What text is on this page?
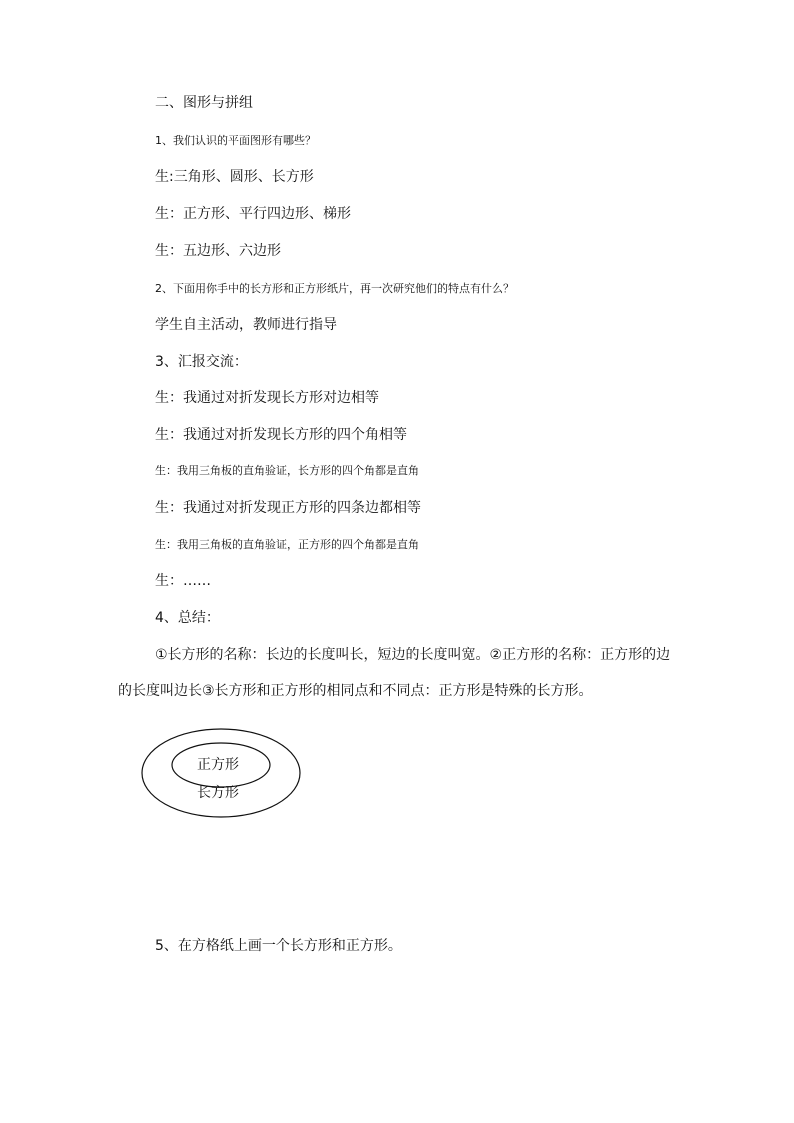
二、图形与拼组
1、我们认识的平面图形有哪些？
生:三角形、圆形、长方形
生：正方形、平行四边形、梯形
生：五边形、六边形
2、下面用你手中的长方形和正方形纸片，再一次研究他们的特点有什么？
学生自主活动，教师进行指导
3、汇报交流：
生：我通过对折发现长方形对边相等
生：我通过对折发现长方形的四个角相等
生：我用三角板的直角验证，长方形的四个角都是直角
生：我通过对折发现正方形的四条边都相等
生：我用三角板的直角验证，正方形的四个角都是直角
生：……
4、总结：
①长方形的名称：长边的长度叫长，短边的长度叫宽。②正方形的名称：正方形的边
的长度叫边长③长方形和正方形的相同点和不同点：正方形是特殊的长方形。
正方形
长方形
5、在方格纸上画一个长方形和正方形。
